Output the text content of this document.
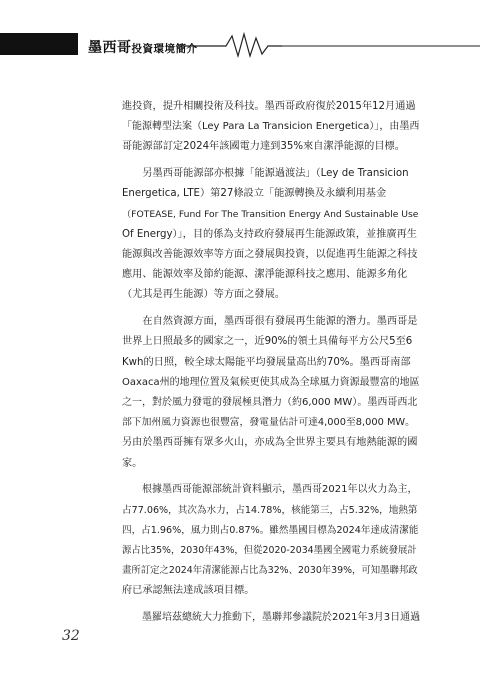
墨西哥投資環境簡介

進投資，提升相關投術及科技。墨西哥政府復於2015年12月通過
「能源轉型法案（Ley Para La Transicion Energetica）」，由墨西
哥能源部訂定2024年該國電力達到35%來自潔淨能源的目標。

另墨西哥能源部亦根據「能源過渡法」（Ley de Transicion
Energetica, LTE）第27條設立「能源轉換及永續利用基金
（FOTEASE, Fund For The Transition Energy And Sustainable Use
Of Energy）」，目的係為支持政府發展再生能源政策，並推廣再生
能源與改善能源效率等方面之發展與投資，以促進再生能源之科技
應用、能源效率及節約能源、潔淨能源科技之應用、能源多角化
（尤其是再生能源）等方面之發展。

在自然資源方面，墨西哥很有發展再生能源的潛力。墨西哥是
世界上日照最多的國家之一，近90%的領土具備每平方公尺5至6
Kwh的日照，較全球太陽能平均發展量高出約70%。墨西哥南部
Oaxaca州的地理位置及氣候更使其成為全球風力資源最豐富的地區
之一，對於風力發電的發展極具潛力（約6,000 MW）。墨西哥西北
部下加州風力資源也很豐富，發電量估計可達4,000至8,000 MW。
另由於墨西哥擁有眾多火山，亦成為全世界主要具有地熱能源的國
家。

根據墨西哥能源部統計資料顯示，墨西哥2021年以火力為主，
占77.06%，其次為水力，占14.78%，核能第三，占5.32%，地熱第
四，占1.96%，風力則占0.87%。雖然墨國目標為2024年達成清潔能
源占比35%，2030年43%，但從2020-2034墨國全國電力系統發展計
畫所訂定之2024年清潔能源占比為32%、2030年39%，可知墨聯邦政
府已承認無法達成該項目標。

墨羅培茲總統大力推動下，墨聯邦參議院於2021年3月3日通過

32
